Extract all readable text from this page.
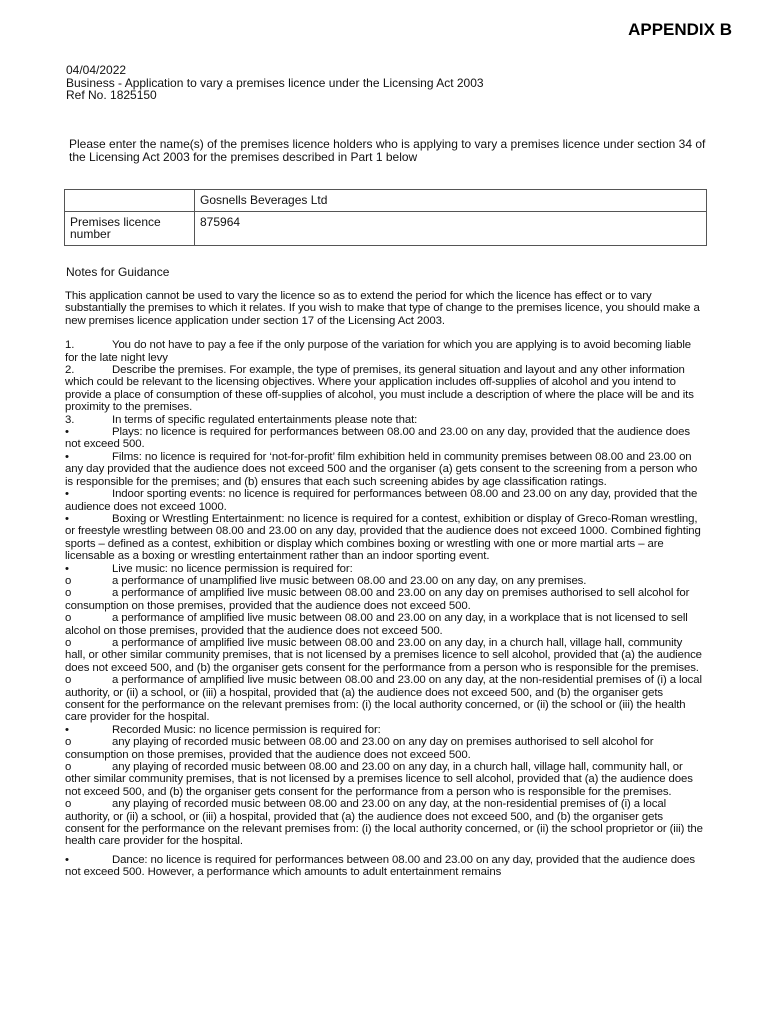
APPENDIX B
04/04/2022
Business - Application to vary a premises licence under the Licensing Act 2003
Ref No. 1825150
Please enter the name(s) of the premises licence holders who is applying to vary a premises licence under section 34 of the Licensing Act 2003 for the premises described in Part 1 below
	Gosnells Beverages Ltd
Premises licence number	875964
Notes for Guidance

This application cannot be used to vary the licence so as to extend the period for which the licence has effect or to vary substantially the premises to which it relates. If you wish to make that type of change to the premises licence, you should make a new premises licence application under section 17 of the Licensing Act 2003.

1.	You do not have to pay a fee if the only purpose of the variation for which you are applying is to avoid becoming liable for the late night levy

2.	Describe the premises. For example, the type of premises, its general situation and layout and any other information which could be relevant to the licensing objectives. Where your application includes off-supplies of alcohol and you intend to provide a place of consumption of these off-supplies of alcohol, you must include a description of where the place will be and its proximity to the premises.

3.	In terms of specific regulated entertainments please note that:

•	Plays: no licence is required for performances between 08.00 and 23.00 on any day, provided that the audience does not exceed 500.

•	Films: no licence is required for ‘not-for-profit’ film exhibition held in community premises between 08.00 and 23.00 on any day provided that the audience does not exceed 500 and the organiser (a) gets consent to the screening from a person who is responsible for the premises; and (b) ensures that each such screening abides by age classification ratings.

•	Indoor sporting events: no licence is required for performances between 08.00 and 23.00 on any day, provided that the audience does not exceed 1000.

•	Boxing or Wrestling Entertainment: no licence is required for a contest, exhibition or display of Greco-Roman wrestling, or freestyle wrestling between 08.00 and 23.00 on any day, provided that the audience does not exceed 1000. Combined fighting sports – defined as a contest, exhibition or display which combines boxing or wrestling with one or more martial arts – are licensable as a boxing or wrestling entertainment rather than an indoor sporting event.

•	Live music: no licence permission is required for:

o	a performance of unamplified live music between 08.00 and 23.00 on any day, on any premises.

o	a performance of amplified live music between 08.00 and 23.00 on any day on premises authorised to sell alcohol for consumption on those premises, provided that the audience does not exceed 500.

o	a performance of amplified live music between 08.00 and 23.00 on any day, in a workplace that is not licensed to sell alcohol on those premises, provided that the audience does not exceed 500.

o	a performance of amplified live music between 08.00 and 23.00 on any day, in a church hall, village hall, community hall, or other similar community premises, that is not licensed by a premises licence to sell alcohol, provided that (a) the audience does not exceed 500, and (b) the organiser gets consent for the performance from a person who is responsible for the premises.

o	a performance of amplified live music between 08.00 and 23.00 on any day, at the non-residential premises of (i) a local authority, or (ii) a school, or (iii) a hospital, provided that (a) the audience does not exceed 500, and (b) the organiser gets consent for the performance on the relevant premises from: (i) the local authority concerned, or (ii) the school or (iii) the health care provider for the hospital.

•	Recorded Music: no licence permission is required for:

o	any playing of recorded music between 08.00 and 23.00 on any day on premises authorised to sell alcohol for consumption on those premises, provided that the audience does not exceed 500.

o	any playing of recorded music between 08.00 and 23.00 on any day, in a church hall, village hall, community hall, or other similar community premises, that is not licensed by a premises licence to sell alcohol, provided that (a) the audience does not exceed 500, and (b) the organiser gets consent for the performance from a person who is responsible for the premises.

o	any playing of recorded music between 08.00 and 23.00 on any day, at the non-residential premises of (i) a local authority, or (ii) a school, or (iii) a hospital, provided that (a) the audience does not exceed 500, and (b) the organiser gets consent for the performance on the relevant premises from: (i) the local authority concerned, or (ii) the school proprietor or (iii) the health care provider for the hospital.

•	Dance: no licence is required for performances between 08.00 and 23.00 on any day, provided that the audience does not exceed 500. However, a performance which amounts to adult entertainment remains
